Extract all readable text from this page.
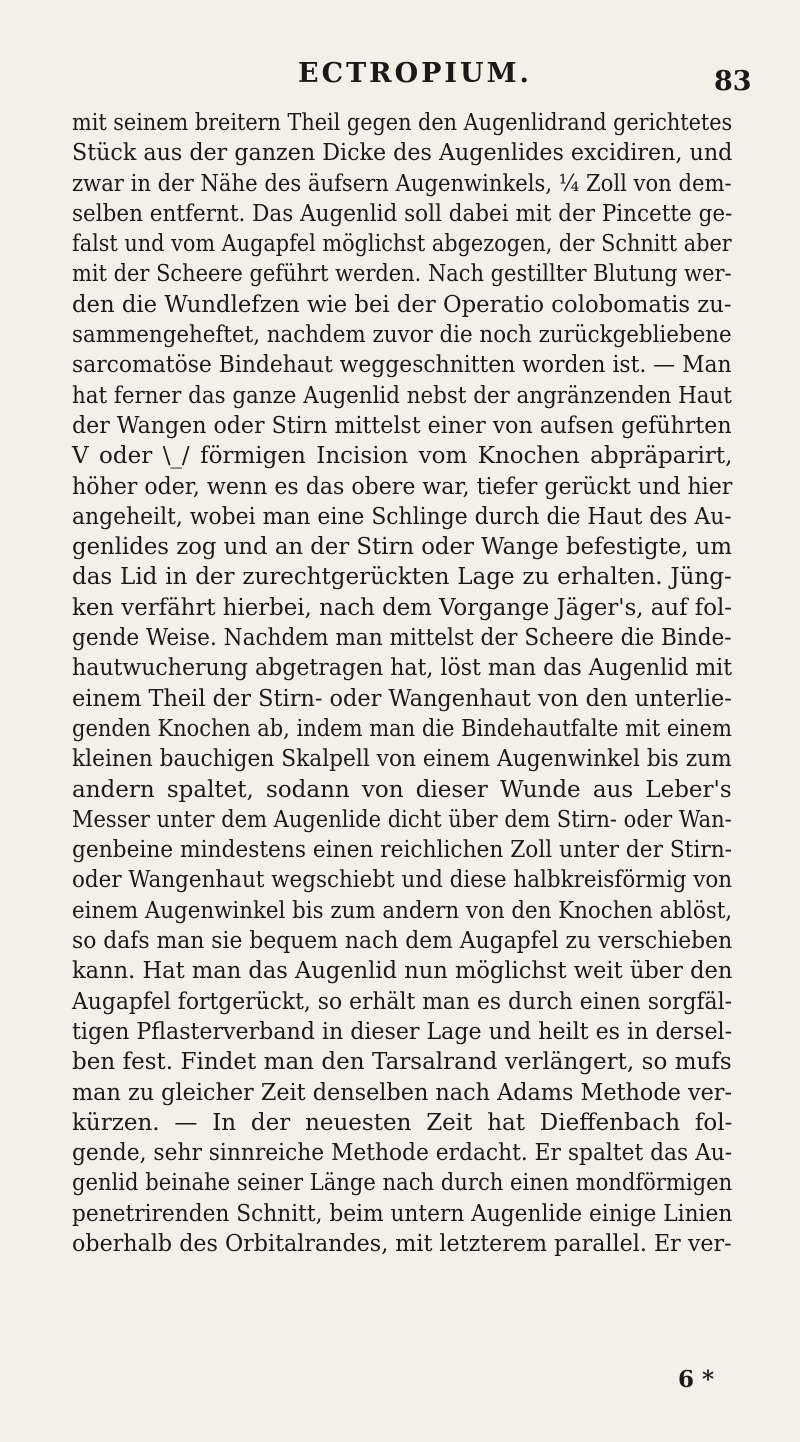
ECTROPIUM.	83
mit seinem breitern Theil gegen den Augenlidrand gerichtetes
Stück aus der ganzen Dicke des Augenlides excidiren, und
zwar in der Nähe des äufsern Augenwinkels, ¼ Zoll von dem-
selben entfernt. Das Augenlid soll dabei mit der Pincette ge-
falst und vom Augapfel möglichst abgezogen, der Schnitt aber
mit der Scheere geführt werden. Nach gestillter Blutung wer-
den die Wundlefzen wie bei der Operatio colobomatis zu-
sammengeheftet, nachdem zuvor die noch zurückgebliebene
sarcomatöse Bindehaut weggeschnitten worden ist. — Man
hat ferner das ganze Augenlid nebst der angränzenden Haut
der Wangen oder Stirn mittelst einer von aufsen geführten
V oder \_/ förmigen Incision vom Knochen abpräparirt,
höher oder, wenn es das obere war, tiefer gerückt und hier
angeheilt, wobei man eine Schlinge durch die Haut des Au-
genlides zog und an der Stirn oder Wange befestigte, um
das Lid in der zurechtgerückten Lage zu erhalten. Jüng-
ken verfährt hierbei, nach dem Vorgange Jäger's, auf fol-
gende Weise. Nachdem man mittelst der Scheere die Binde-
hautwucherung abgetragen hat, löst man das Augenlid mit
einem Theil der Stirn- oder Wangenhaut von den unterlie-
genden Knochen ab, indem man die Bindehautfalte mit einem
kleinen bauchigen Skalpell von einem Augenwinkel bis zum
andern spaltet, sodann von dieser Wunde aus Leber's
Messer unter dem Augenlide dicht über dem Stirn- oder Wan-
genbeine mindestens einen reichlichen Zoll unter der Stirn-
oder Wangenhaut wegschiebt und diese halbkreisförmig von
einem Augenwinkel bis zum andern von den Knochen ablöst,
so dafs man sie bequem nach dem Augapfel zu verschieben
kann. Hat man das Augenlid nun möglichst weit über den
Augapfel fortgerückt, so erhält man es durch einen sorgfäl-
tigen Pflasterverband in dieser Lage und heilt es in dersel-
ben fest. Findet man den Tarsalrand verlängert, so mufs
man zu gleicher Zeit denselben nach Adams Methode ver-
kürzen. — In der neuesten Zeit hat Dieffenbach fol-
gende, sehr sinnreiche Methode erdacht. Er spaltet das Au-
genlid beinahe seiner Länge nach durch einen mondförmigen
penetrirenden Schnitt, beim untern Augenlide einige Linien
oberhalb des Orbitalrandes, mit letzterem parallel. Er ver-
6 *
